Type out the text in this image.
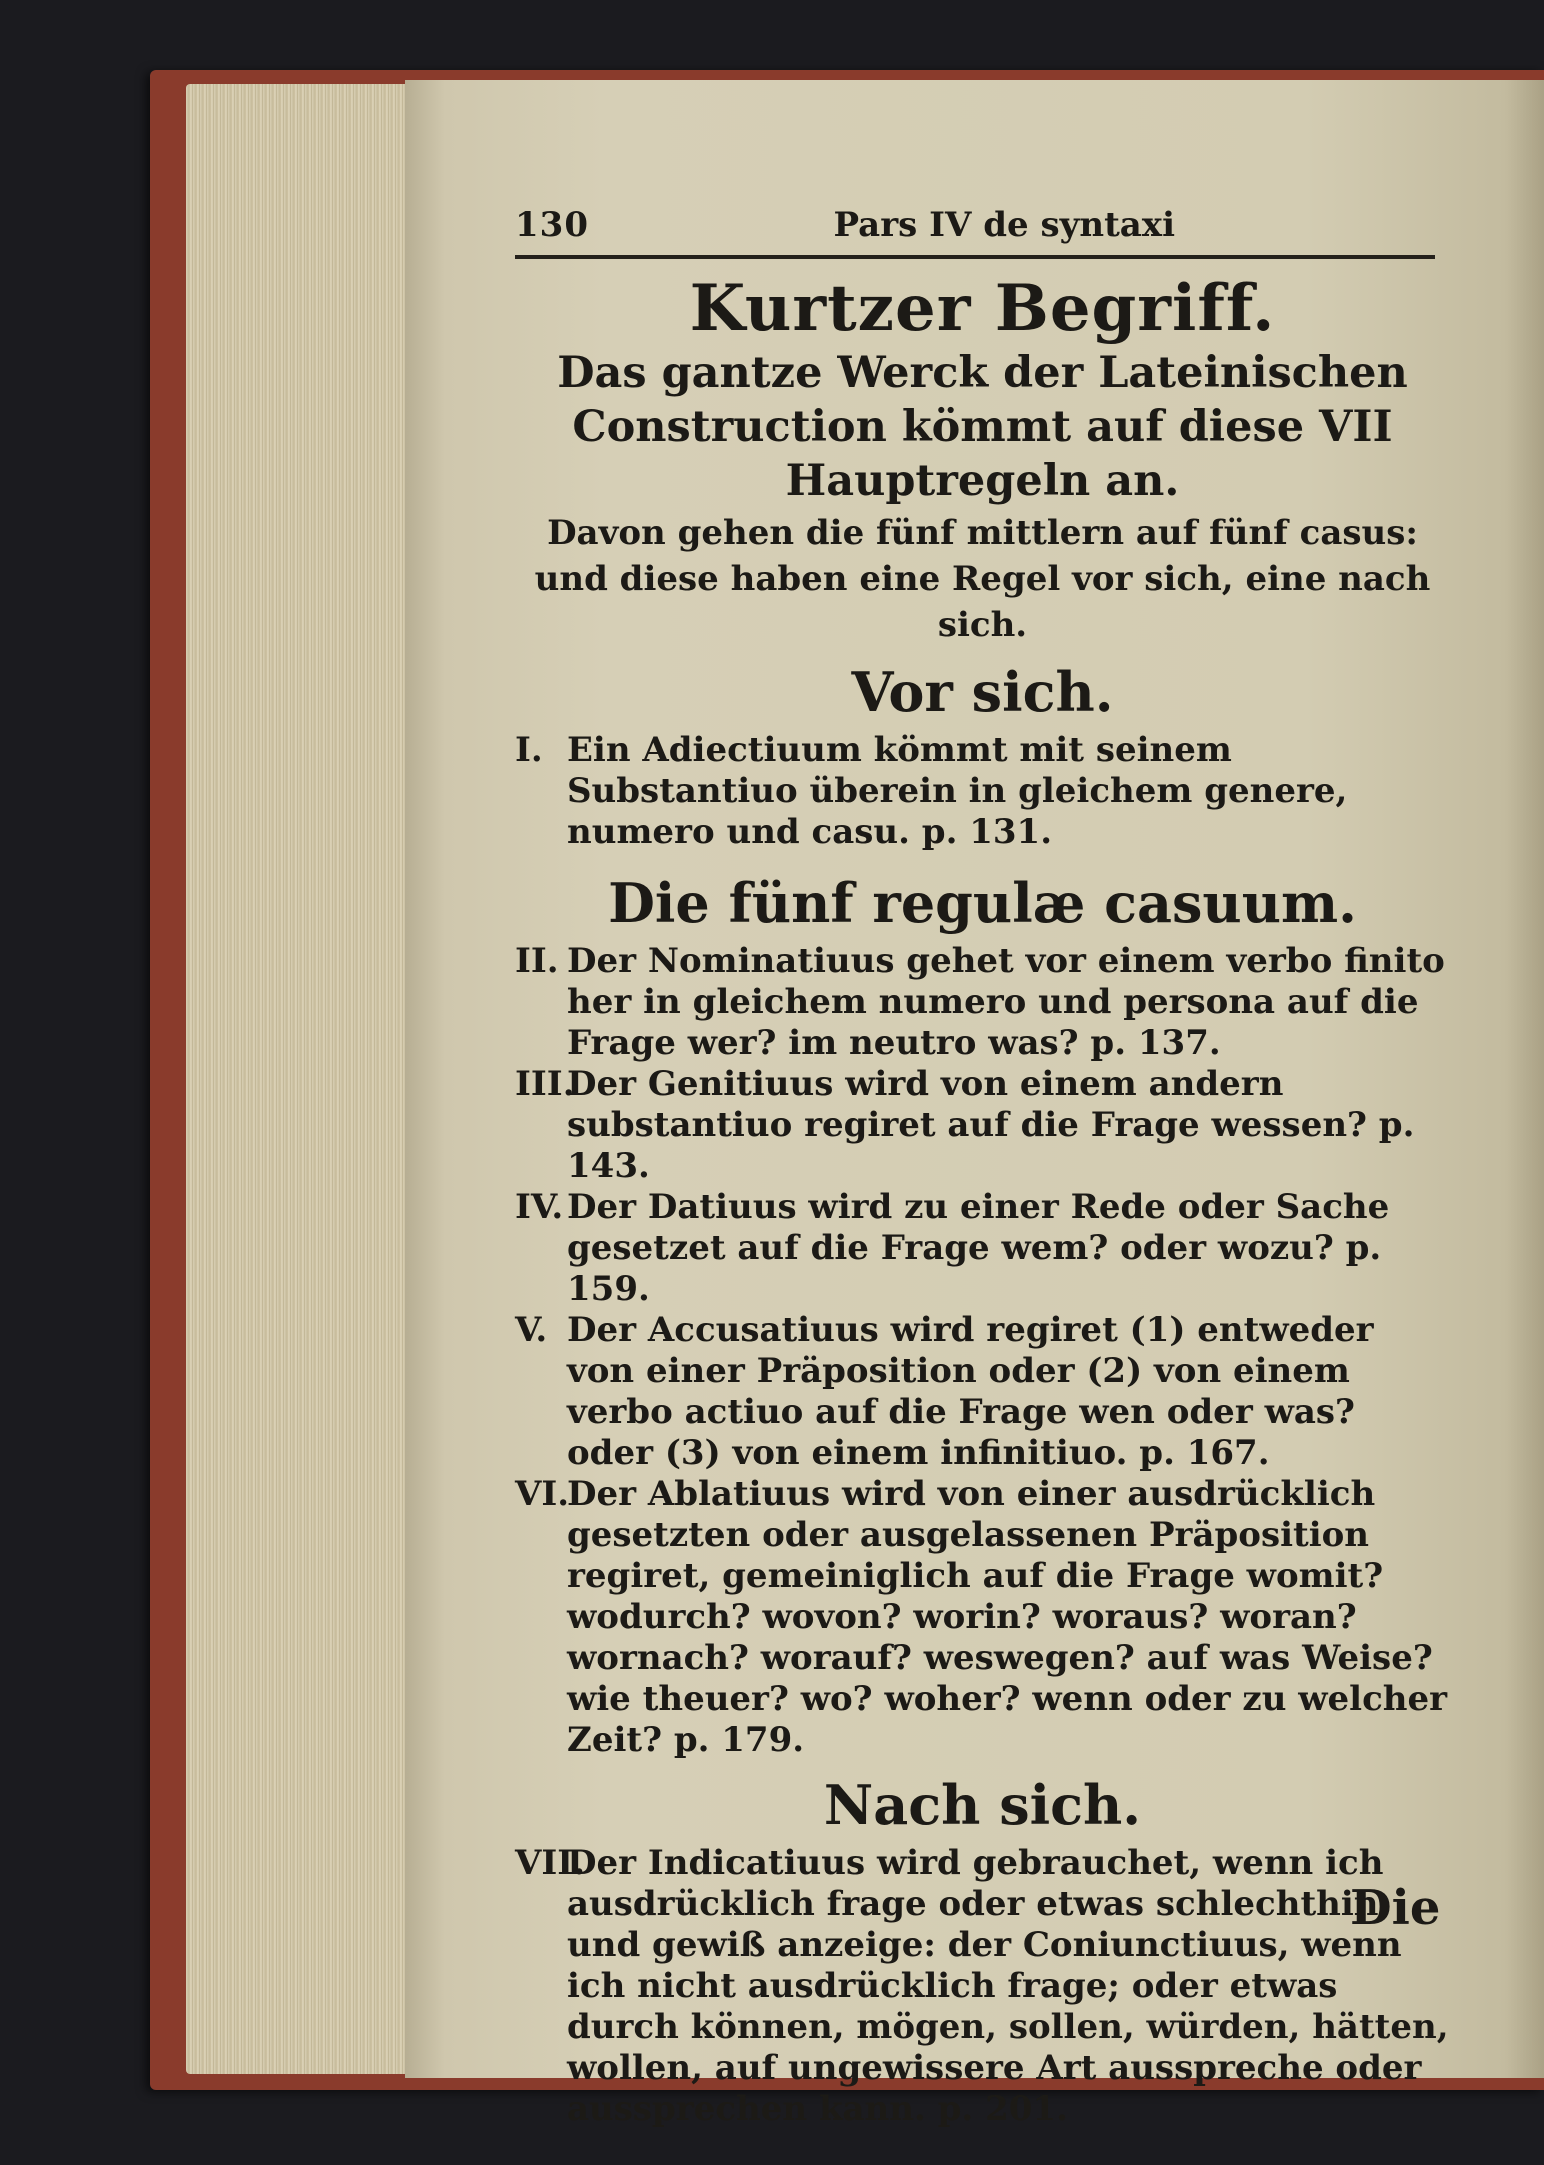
130	Pars IV de syntaxi
Kurtzer Begriff.
Das gantze Werck der Lateinischen Construction kömmt auf diese VII Hauptregeln an.
Davon gehen die fünf mittlern auf fünf casus: und diese haben eine Regel vor sich, eine nach sich.
Vor sich.
I. Ein Adiectiuum kömmt mit seinem Substantiuo überein in gleichem genere, numero und casu. p. 131.
Die fünf regulæ casuum.
II. Der Nominatiuus gehet vor einem verbo finito her in gleichem numero und persona auf die Frage wer? im neutro was? p. 137.
III.
Der Genitiuus wird von einem andern substantiuo regiret auf die Frage wessen? p. 143.
IV. Der Datiuus wird zu einer Rede oder Sache gesetzet auf die Frage wem? oder wozu? p. 159.
V. Der Accusatiuus wird regiret (1) entweder von einer Präposition oder (2) von einem verbo actiuo auf die Frage wen oder was? oder (3) von einem infinitiuo. p. 167.
VI.
Der Ablatiuus wird von einer ausdrücklich gesetzten oder ausgelassenen Präposition regiret, gemeiniglich auf die Frage womit? wodurch? wovon? worin? woraus? woran? wornach? worauf? weswegen? auf was Weise? wie theuer? wo? woher? wenn oder zu welcher Zeit? p. 179.
Nach sich.
VII.
Der Indicatiuus wird gebrauchet, wenn ich ausdrücklich frage oder etwas schlechthin und gewiß anzeige: der Coniunctiuus, wenn ich nicht ausdrücklich frage; oder etwas durch können, mögen, sollen, würden, hätten, wollen, auf ungewissere Art ausspreche oder aussprechen kann. p. 201.
Die
